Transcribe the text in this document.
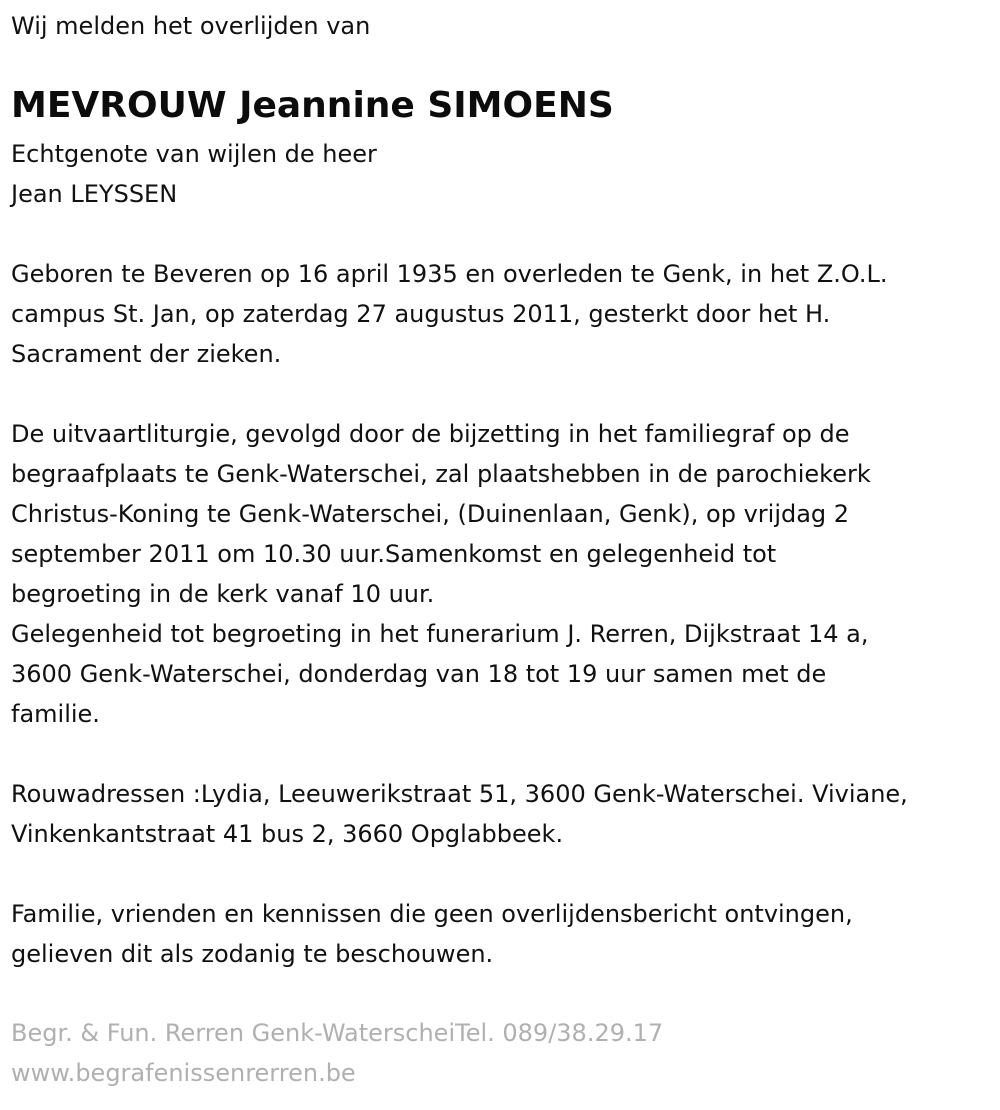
Wij melden het overlijden van

MEVROUW Jeannine SIMOENS

Echtgenote van wijlen de heer

Jean LEYSSEN

Geboren te Beveren op 16 april 1935 en overleden te Genk, in het Z.O.L.

campus St. Jan, op zaterdag 27 augustus 2011, gesterkt door het H.

Sacrament der zieken.

De uitvaartliturgie, gevolgd door de bijzetting in het familiegraf op de

begraafplaats te Genk-Waterschei, zal plaatshebben in de parochiekerk

Christus-Koning te Genk-Waterschei, (Duinenlaan, Genk), op vrijdag 2

september 2011 om 10.30 uur.Samenkomst en gelegenheid tot

begroeting in de kerk vanaf 10 uur.

Gelegenheid tot begroeting in het funerarium J. Rerren, Dijkstraat 14 a,

3600 Genk-Waterschei, donderdag van 18 tot 19 uur samen met de

familie.

Rouwadressen :Lydia, Leeuwerikstraat 51, 3600 Genk-Waterschei. Viviane,

Vinkenkantstraat 41 bus 2, 3660 Opglabbeek.

Familie, vrienden en kennissen die geen overlijdensbericht ontvingen,

gelieven dit als zodanig te beschouwen.

Begr. & Fun. Rerren Genk-WaterscheiTel. 089/38.29.17

www.begrafenissenrerren.be
